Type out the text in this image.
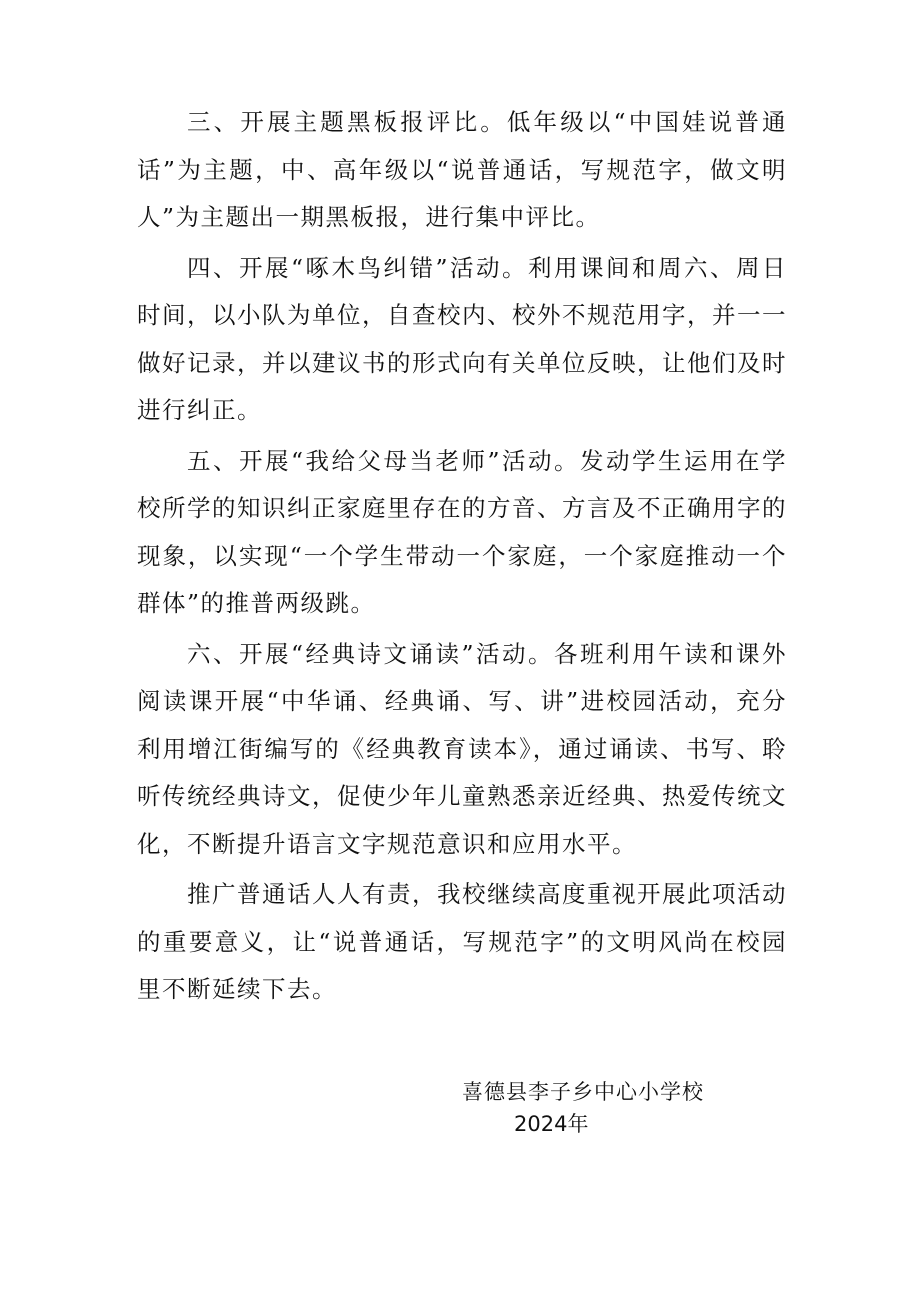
三、开展主题黑板报评比。低年级以“中国娃说普通话”为主题，中、高年级以“说普通话，写规范字，做文明人”为主题出一期黑板报，进行集中评比。

四、开展“啄木鸟纠错”活动。利用课间和周六、周日时间，以小队为单位，自查校内、校外不规范用字，并一一做好记录，并以建议书的形式向有关单位反映，让他们及时进行纠正。

五、开展“我给父母当老师”活动。发动学生运用在学校所学的知识纠正家庭里存在的方音、方言及不正确用字的现象，以实现“一个学生带动一个家庭，一个家庭推动一个群体”的推普两级跳。

六、开展“经典诗文诵读”活动。各班利用午读和课外阅读课开展“中华诵、经典诵、写、讲”进校园活动，充分利用增江街编写的《经典教育读本》，通过诵读、书写、聆听传统经典诗文，促使少年儿童熟悉亲近经典、热爱传统文化，不断提升语言文字规范意识和应用水平。

推广普通话人人有责，我校继续高度重视开展此项活动的重要意义，让“说普通话，写规范字”的文明风尚在校园里不断延续下去。

喜德县李子乡中心小学校
2024年
